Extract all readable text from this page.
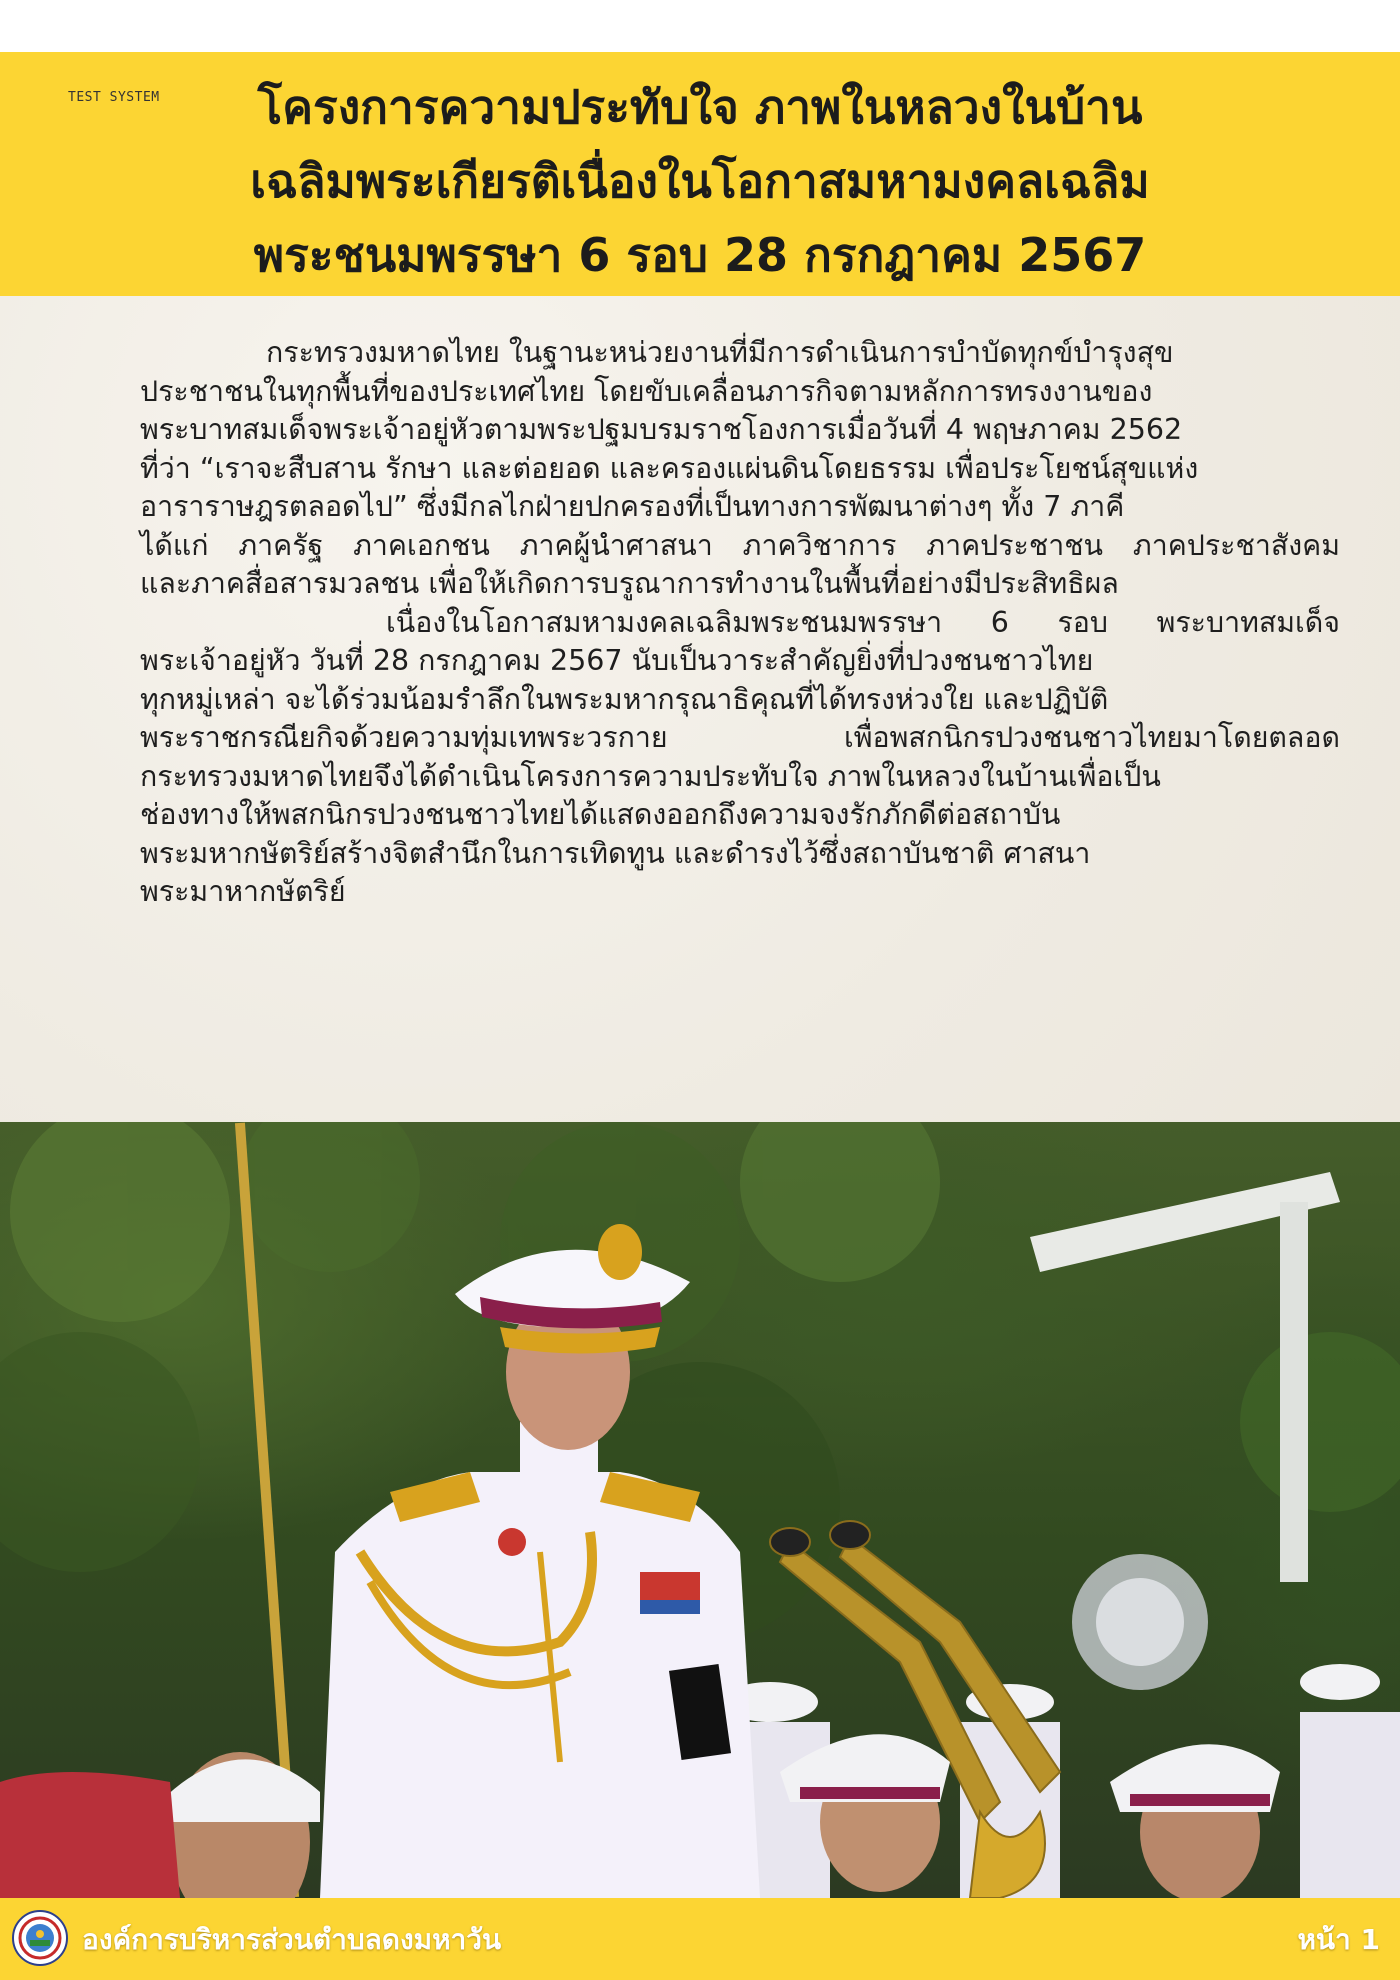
TEST SYSTEM	โครงการความประทับใจ ภาพในหลวงในบ้าน
เฉลิมพระเกียรติเนื่องในโอกาสมหามงคลเฉลิม
พระชนมพรรษา 6 รอบ 28 กรกฎาคม 2567
กระทรวงมหาดไทย ในฐานะหน่วยงานที่มีการดำเนินการบำบัดทุกข์บำรุงสุข
ประชาชนในทุกพื้นที่ของประเทศไทย โดยขับเคลื่อนภารกิจตามหลักการทรงงานของ
พระบาทสมเด็จพระเจ้าอยู่หัวตามพระปฐมบรมราชโองการเมื่อวันที่ 4 พฤษภาคม 2562
ที่ว่า “เราจะสืบสาน รักษา และต่อยอด และครองแผ่นดินโดยธรรม เพื่อประโยชน์สุขแห่ง
อาราราษฎรตลอดไป” ซึ่งมีกลไกฝ่ายปกครองที่เป็นทางการพัฒนาต่างๆ ทั้ง 7 ภาคี
ได้แก่ ภาครัฐ ภาคเอกชน ภาคผู้นำศาสนา ภาควิชาการ ภาคประชาชน ภาคประชาสังคม
และภาคสื่อสารมวลชน เพื่อให้เกิดการบรูณาการทำงานในพื้นที่อย่างมีประสิทธิผล
เนื่องในโอกาสมหามงคลเฉลิมพระชนมพรรษา 6 รอบ พระบาทสมเด็จ
พระเจ้าอยู่หัว วันที่ 28 กรกฎาคม 2567 นับเป็นวาระสำคัญยิ่งที่ปวงชนชาวไทย
ทุกหมู่เหล่า จะได้ร่วมน้อมรำลึกในพระมหากรุณาธิคุณที่ได้ทรงห่วงใย และปฏิบัติ
พระราชกรณียกิจด้วยความทุ่มเทพระวรกาย เพื่อพสกนิกรปวงชนชาวไทยมาโดยตลอด
กระทรวงมหาดไทยจึงได้ดำเนินโครงการความประทับใจ ภาพในหลวงในบ้านเพื่อเป็น
ช่องทางให้พสกนิกรปวงชนชาวไทยได้แสดงออกถึงความจงรักภักดีต่อสถาบัน
พระมหากษัตริย์สร้างจิตสำนึกในการเทิดทูน และดำรงไว้ซึ่งสถาบันชาติ ศาสนา
พระมาหากษัตริย์
องค์การบริหารส่วนตำบลดงมหาวัน	หน้า 1
